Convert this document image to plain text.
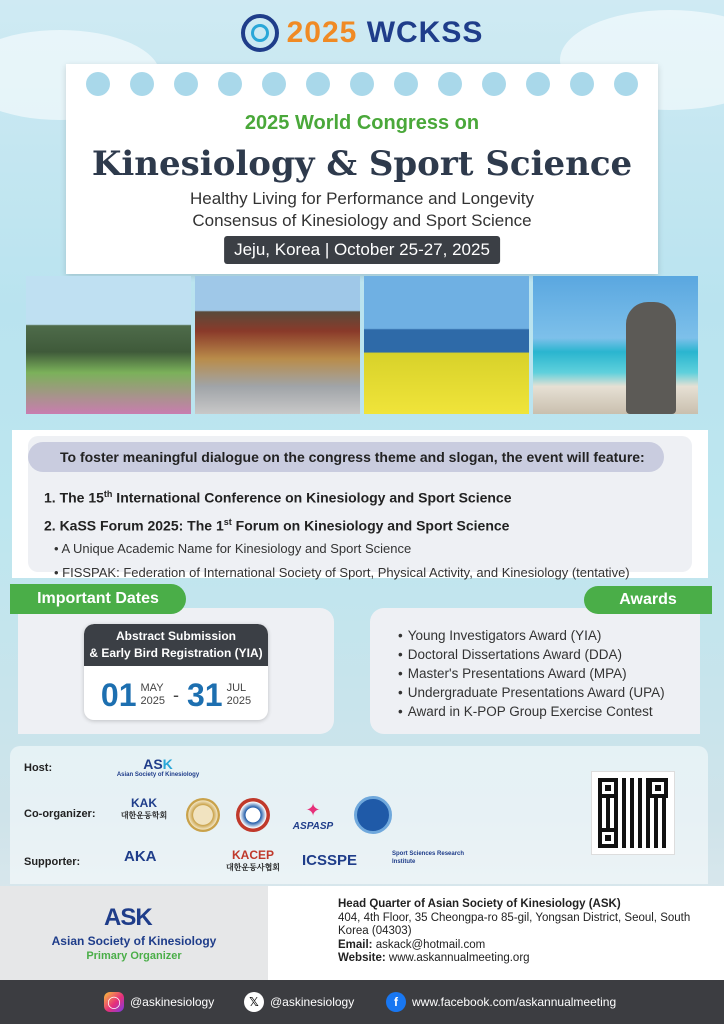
2025 WCKSS
2025 World Congress on
Kinesiology & Sport Science
Healthy Living for Performance and Longevity
Consensus of Kinesiology and Sport Science
Jeju, Korea | October 25-27, 2025
To foster meaningful dialogue on the congress theme and slogan, the event will feature:
1. The 15th International Conference on Kinesiology and Sport Science
2. KaSS Forum 2025: The 1st Forum on Kinesiology and Sport Science
• A Unique Academic Name for Kinesiology and Sport Science
• FISSPAK: Federation of International Society of Sport, Physical Activity, and Kinesiology (tentative)
Important Dates	Awards
Abstract Submission
& Early Bird Registration (YIA)
01 MAY
2025 - 31 JUL
2025
• Young Investigators Award (YIA)
• Doctoral Dissertations Award (DDA)
• Master's Presentations Award (MPA)
• Undergraduate Presentations Award (UPA)
• Award in K-POP Group Exercise Contest
Host:
Co-organizer:
Supporter:
ASK
Asian Society of Kinesiology
KAK
대한운동학회	✦
ASPASP
AKA	KACEP
대한운동사협회	ICSSPE	Sport Sciences Research Institute
ASK
Asian Society of Kinesiology
Primary Organizer
Head Quarter of Asian Society of Kinesiology (ASK)
404, 4th Floor, 35 Cheongpa-ro 85-gil, Yongsan District, Seoul, South Korea (04303)
Email: askack@hotmail.com
Website: www.askannualmeeting.org
◯ @askinesiology	𝕏 @askinesiology	f	www.facebook.com/askannualmeeting
